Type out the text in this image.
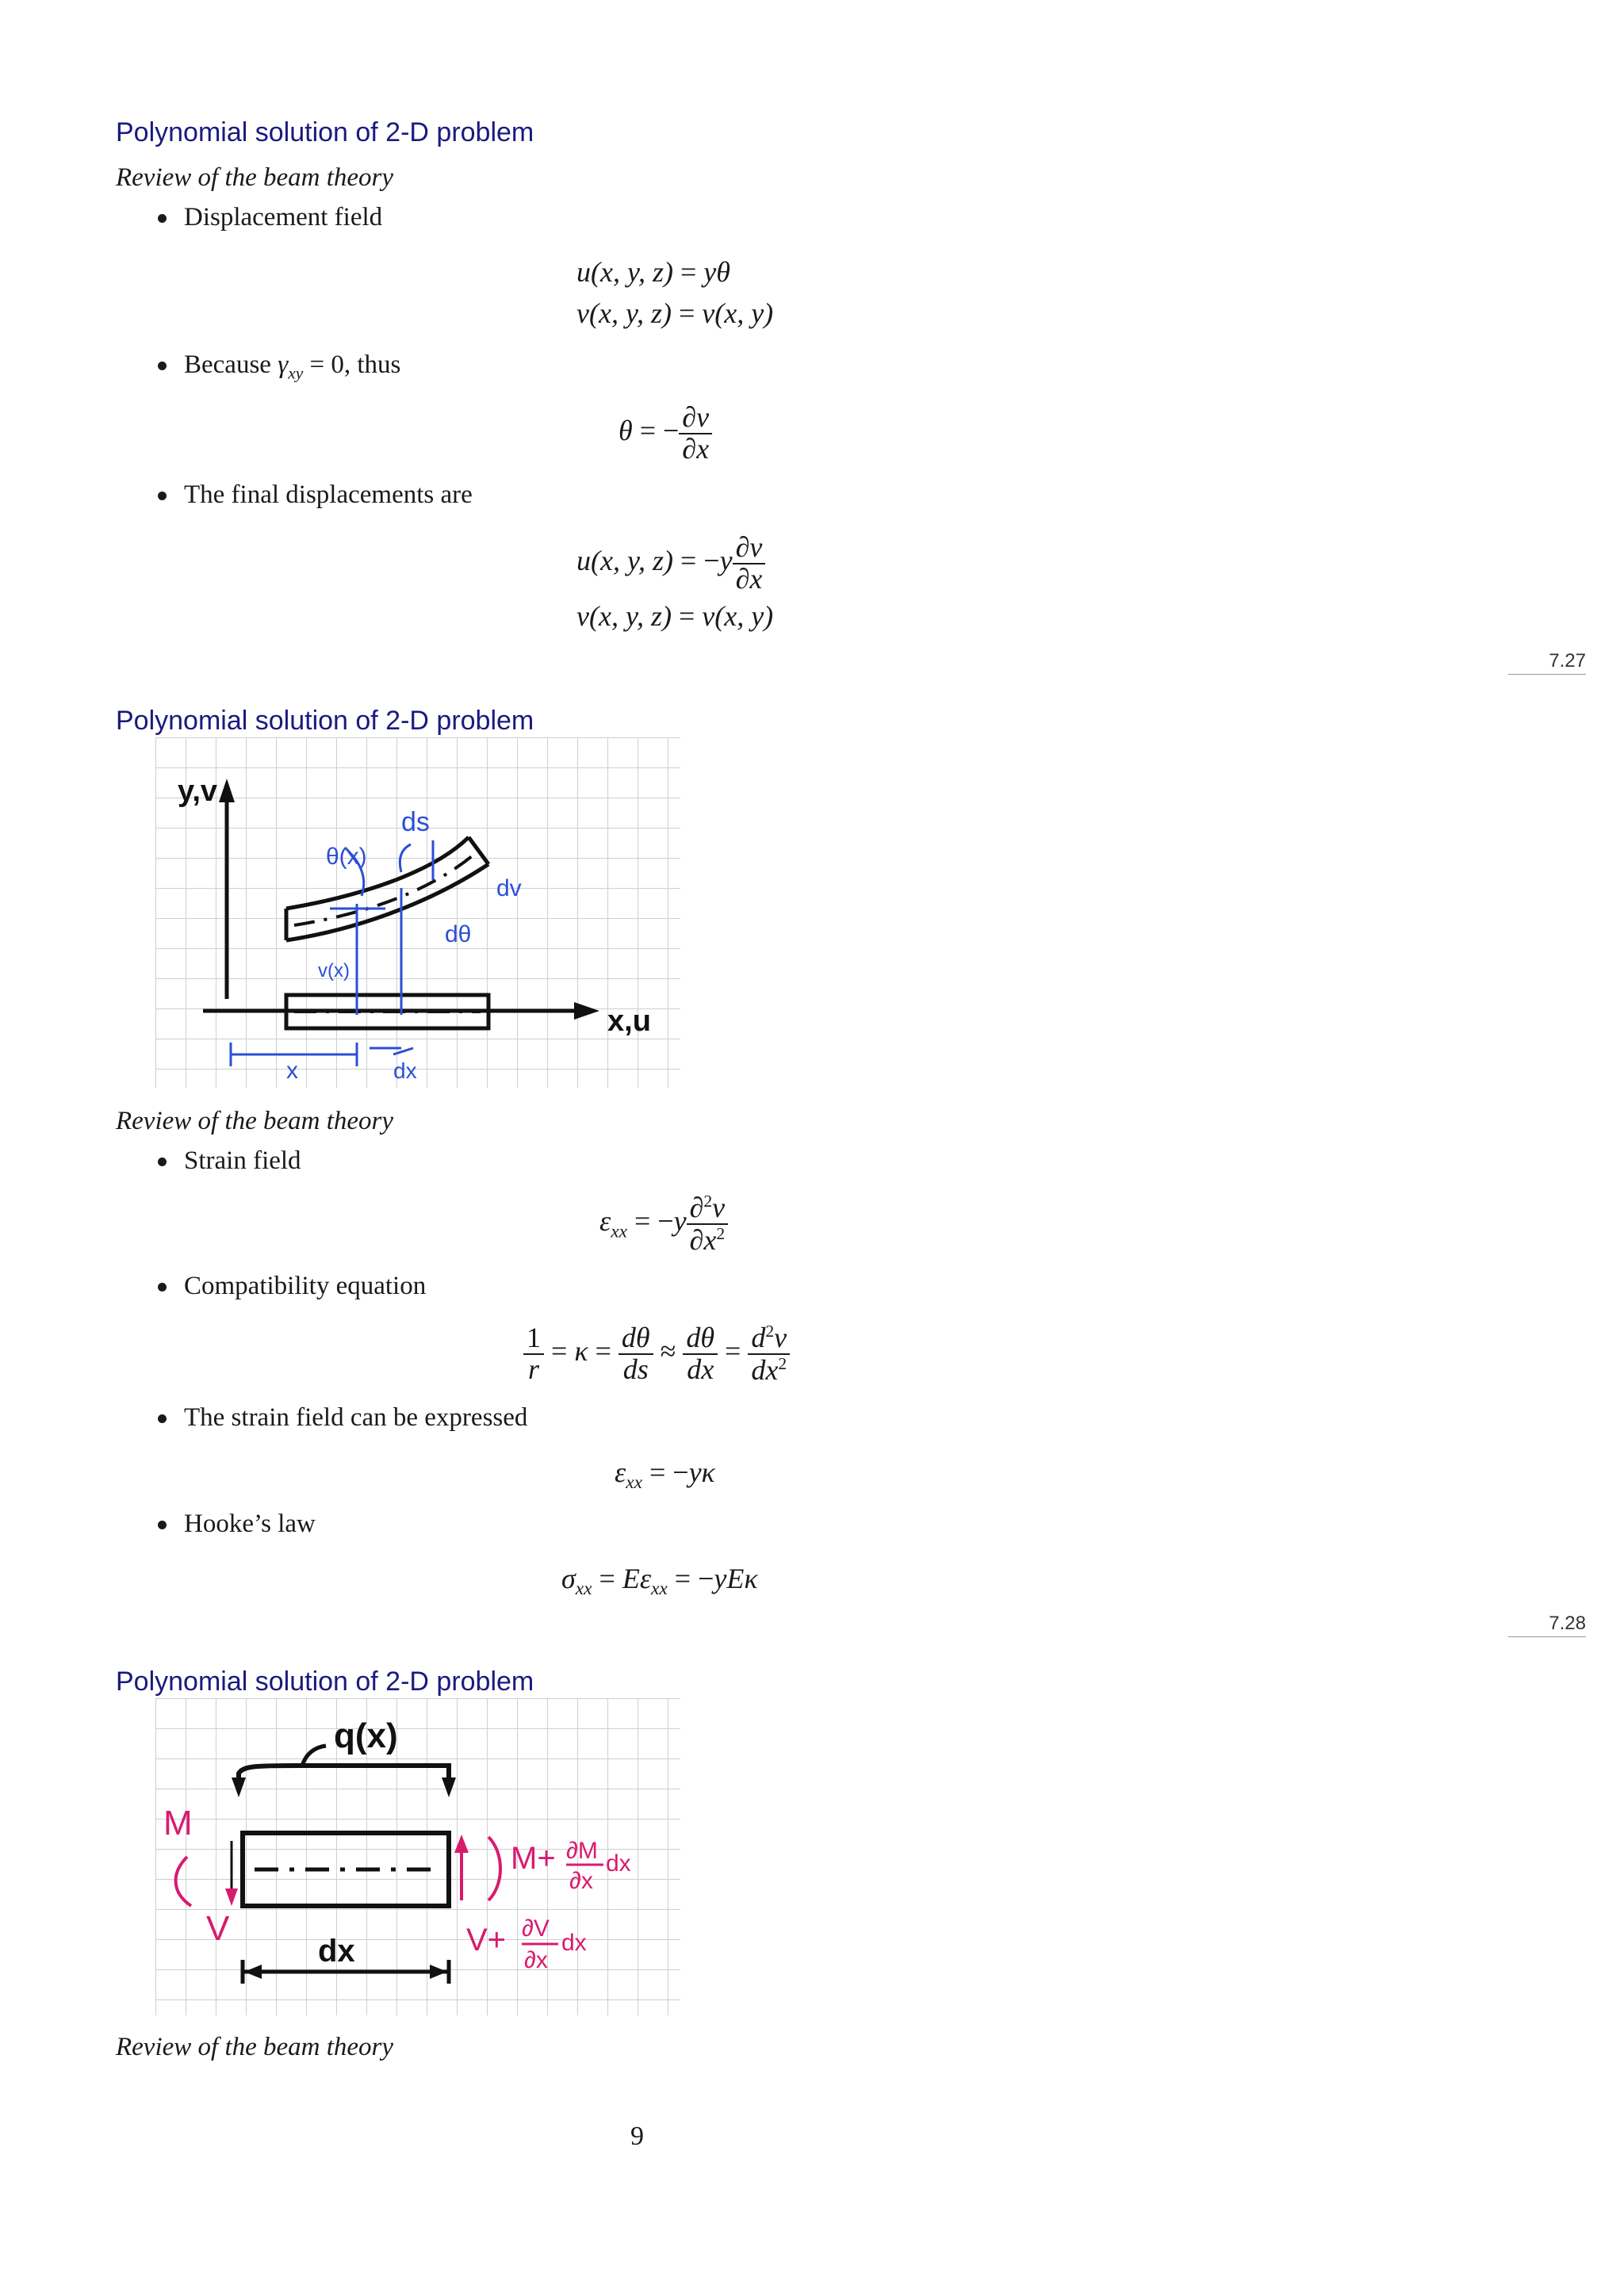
Polynomial solution of 2-D problem
Review of the beam theory
Displacement field
u(x, y, z) = yθ
v(x, y, z) = v(x, y)
Because $\gamma_{xy} = 0$, thus
θ = − $\frac{\partial v}{\partial x}$
The final displacements are
u(x, y, $z) = -y \frac{\partial v}{\partial x}$
v(x, y, z) = v(x, y)
7.27
Polynomial solution of 2-D problem
y,v
x,u
ds
θ(x)
dv
dθ
v(x)
x	dx
Review of the beam theory
Strain field
$\varepsilon_{xx} = -y \frac{\partial^2v}{\partial x^2}$
Compatibility equation
$\frac{1}{r} = \kappa = \frac{d\theta}{ds} \approx \frac{d\theta}{dx} = \frac{d^2v}{dx^2}$
The strain field can be expressed
$\varepsilon_{xx} = -y\kappa$
Hooke’s law
$\sigma_{xx} = E\varepsilon_{xx} = -yE\kappa$
7.28
Polynomial solution of 2-D problem
q(x)
M
V
M+ ∂M
∂x
dx
V+ ∂V
∂x
dx
dx
Review of the beam theory
9
